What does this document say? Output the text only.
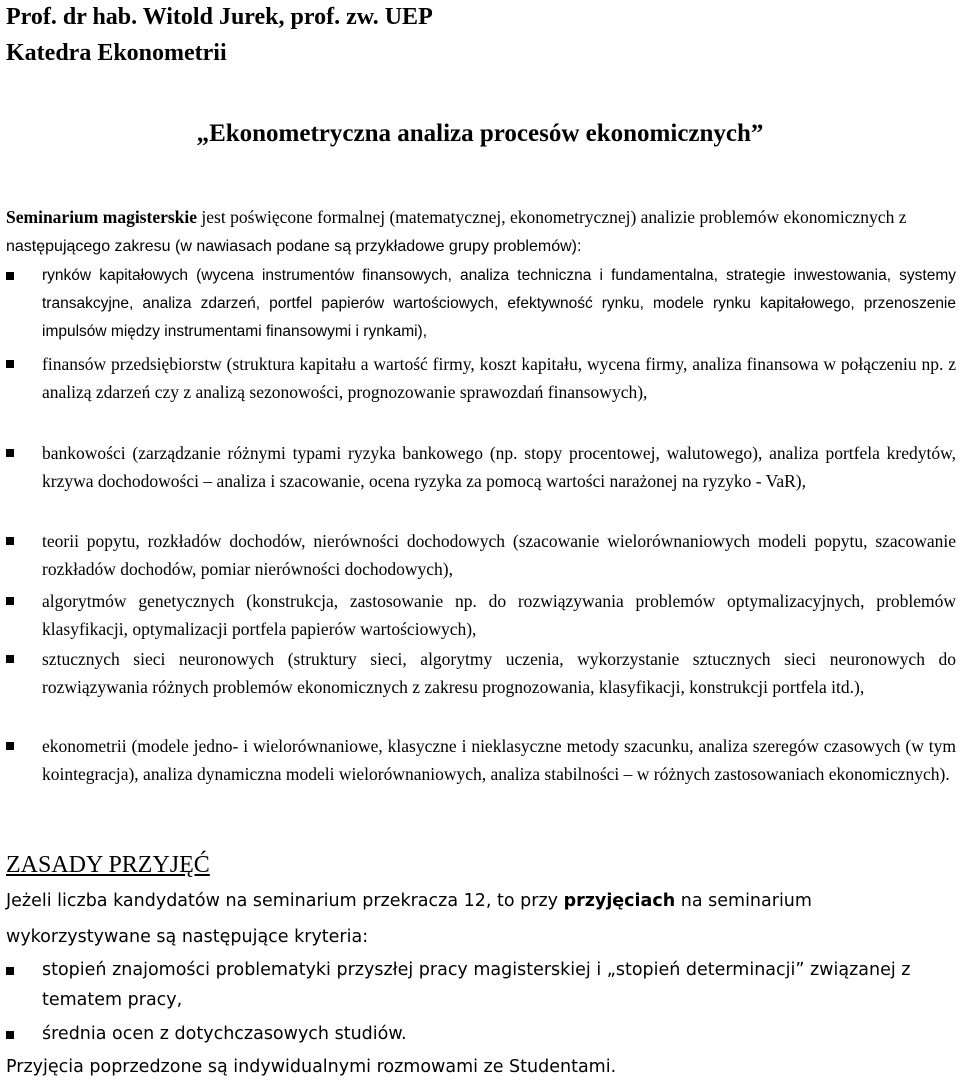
Prof. dr hab. Witold Jurek, prof. zw. UEP
Katedra Ekonometrii
„Ekonometryczna analiza procesów ekonomicznych”
Seminarium magisterskie jest poświęcone formalnej (matematycznej, ekonometrycznej) analizie problemów ekonomicznych z następującego zakresu (w nawiasach podane są przykładowe grupy problemów):
rynków kapitałowych (wycena instrumentów finansowych, analiza techniczna i fundamentalna, strategie inwestowania, systemy transakcyjne, analiza zdarzeń, portfel papierów wartościowych, efektywność rynku, modele rynku kapitałowego, przenoszenie impulsów między instrumentami finansowymi i rynkami),
finansów przedsiębiorstw (struktura kapitału a wartość firmy, koszt kapitału, wycena firmy, analiza finansowa w połączeniu np. z analizą zdarzeń czy z analizą sezonowości, prognozowanie sprawozdań finansowych),
bankowości (zarządzanie różnymi typami ryzyka bankowego (np. stopy procentowej, walutowego), analiza portfela kredytów, krzywa dochodowości – analiza i szacowanie, ocena ryzyka za pomocą wartości narażonej na ryzyko - VaR),
teorii popytu, rozkładów dochodów, nierówności dochodowych (szacowanie wielorównaniowych modeli popytu, szacowanie rozkładów dochodów, pomiar nierówności dochodowych),
algorytmów genetycznych (konstrukcja, zastosowanie np. do rozwiązywania problemów optymalizacyjnych, problemów klasyfikacji, optymalizacji portfela papierów wartościowych),
sztucznych sieci neuronowych (struktury sieci, algorytmy uczenia, wykorzystanie sztucznych sieci neuronowych do rozwiązywania różnych problemów ekonomicznych z zakresu prognozowania, klasyfikacji, konstrukcji portfela itd.),
ekonometrii (modele jedno- i wielorównaniowe, klasyczne i nieklasyczne metody szacunku, analiza szeregów czasowych (w tym kointegracja), analiza dynamiczna modeli wielorównaniowych, analiza stabilności – w różnych zastosowaniach ekonomicznych).
ZASADY PRZYJĘĆ
Jeżeli liczba kandydatów na seminarium przekracza 12, to przy przyjęciach na seminarium
wykorzystywane są następujące kryteria:
stopień znajomości problematyki przyszłej pracy magisterskiej i „stopień determinacji” związanej z tematem pracy,
średnia ocen z dotychczasowych studiów.
Przyjęcia poprzedzone są indywidualnymi rozmowami ze Studentami.
